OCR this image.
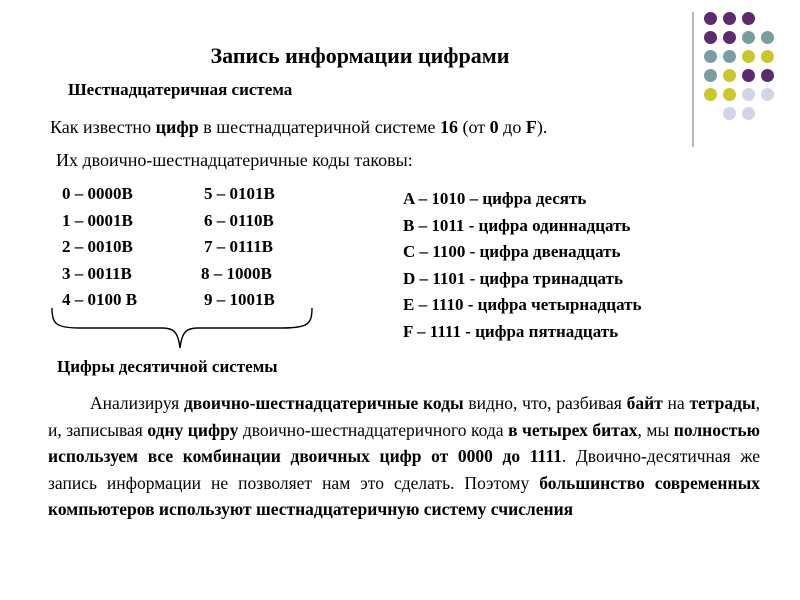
Запись информации цифрами
Шестнадцатеричная система
Как известно цифр в шестнадцатеричной системе 16 (от 0 до F).
Их двоично-шестнадцатеричные коды таковы:
0 – 0000B
1 – 0001B
2 – 0010B
3 – 0011B
4 – 0100 B
5 – 0101B
6 – 0110B
7 – 0111B
8 – 1000B
9 – 1001B
A – 1010 – цифра десять
B – 1011 - цифра одиннадцать
C – 1100 - цифра двенадцать
D – 1101 - цифра тринадцать
E – 1110 - цифра четырнадцать
F – 1111 - цифра пятнадцать
Цифры десятичной системы
Анализируя двоично-шестнадцатеричные коды видно, что, разбивая байт на тетрады, и, записывая одну цифру двоично-шестнадцатеричного кода в четырех битах, мы полностью используем все комбинации двоичных цифр от 0000 до 1111. Двоично-десятичная же запись информации не позволяет нам это сделать. Поэтому большинство современных компьютеров используют шестнадцатеричную систему счисления
